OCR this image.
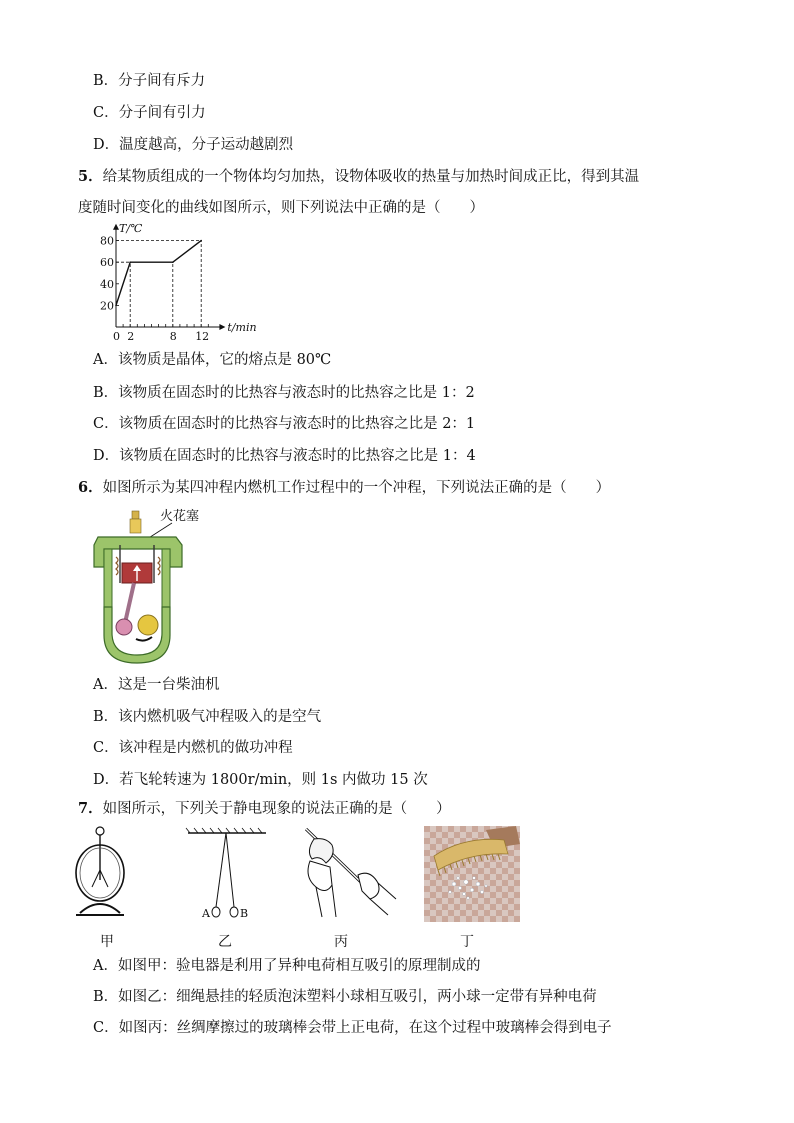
B．分子间有斥力
C．分子间有引力
D．温度越高，分子运动越剧烈
5．给某物质组成的一个物体均匀加热，设物体吸收的热量与加热时间成正比，得到其温
度随时间变化的曲线如图所示，则下列说法中正确的是（　　）
T/℃
t/min
0 2	8 12
20
40
60
80
A．该物质是晶体，它的熔点是 80℃
B．该物质在固态时的比热容与液态时的比热容之比是 1：2
C．该物质在固态时的比热容与液态时的比热容之比是 2：1
D．该物质在固态时的比热容与液态时的比热容之比是 1：4
6．如图所示为某四冲程内燃机工作过程中的一个冲程，下列说法正确的是（　　）
火花塞
A．这是一台柴油机
B．该内燃机吸气冲程吸入的是空气
C．该冲程是内燃机的做功冲程
D．若飞轮转速为 1800r/min，则 1s 内做功 15 次
7．如图所示，下列关于静电现象的说法正确的是（　　）
A	B
甲	乙	丙	丁
A．如图甲：验电器是利用了异种电荷相互吸引的原理制成的
B．如图乙：细绳悬挂的轻质泡沫塑料小球相互吸引，两小球一定带有异种电荷
C．如图丙：丝绸摩擦过的玻璃棒会带上正电荷，在这个过程中玻璃棒会得到电子
